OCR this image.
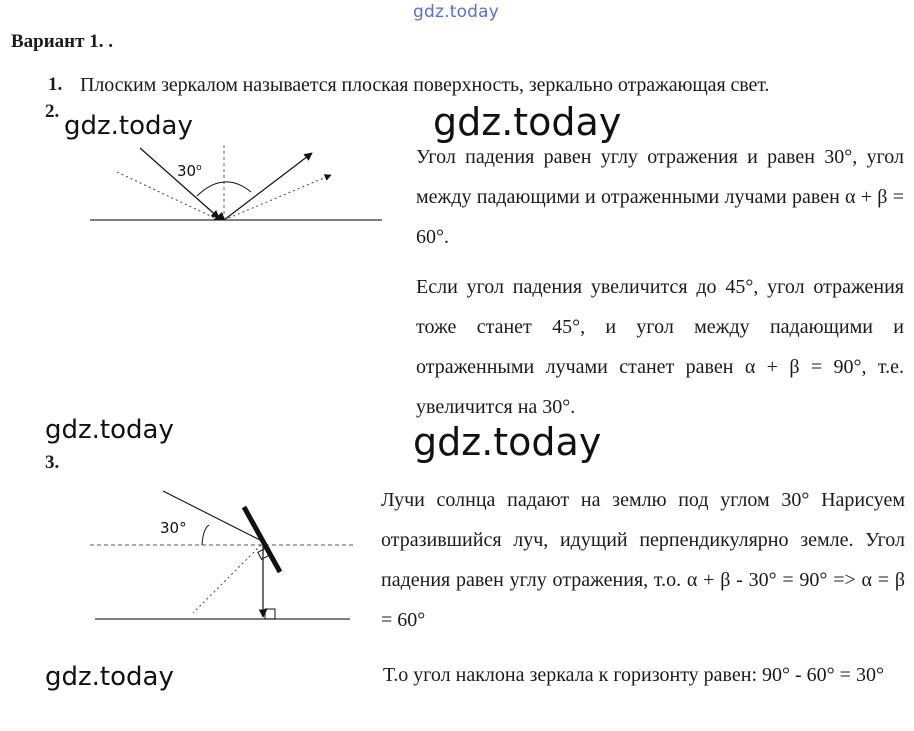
gdz.today
Вариант 1. .
1. Плоским зеркалом называется плоская поверхность, зеркально отражающая свет.
2. gdz.today	gdz.today
30$^o$	Угол падения равен углу отражения и равен 30°, угол между падающими и отраженными лучами равен α + β = 60°.
Если угол падения увеличится до 45°, угол отражения тоже станет 45°, и угол между падающими и отраженными лучами станет равен α + β = 90°, т.е. увеличится на 30°.
gdz.today	gdz.today
3.
30°
Лучи солнца падают на землю под углом 30° Нарисуем отразившийся луч, идущий перпендикулярно земле. Угол падения равен углу отражения, т.о. α + β - 30° = 90° => α = β = 60°
Т.о угол наклона зеркала к горизонту равен: 90° - 60° = 30°
gdz.today
